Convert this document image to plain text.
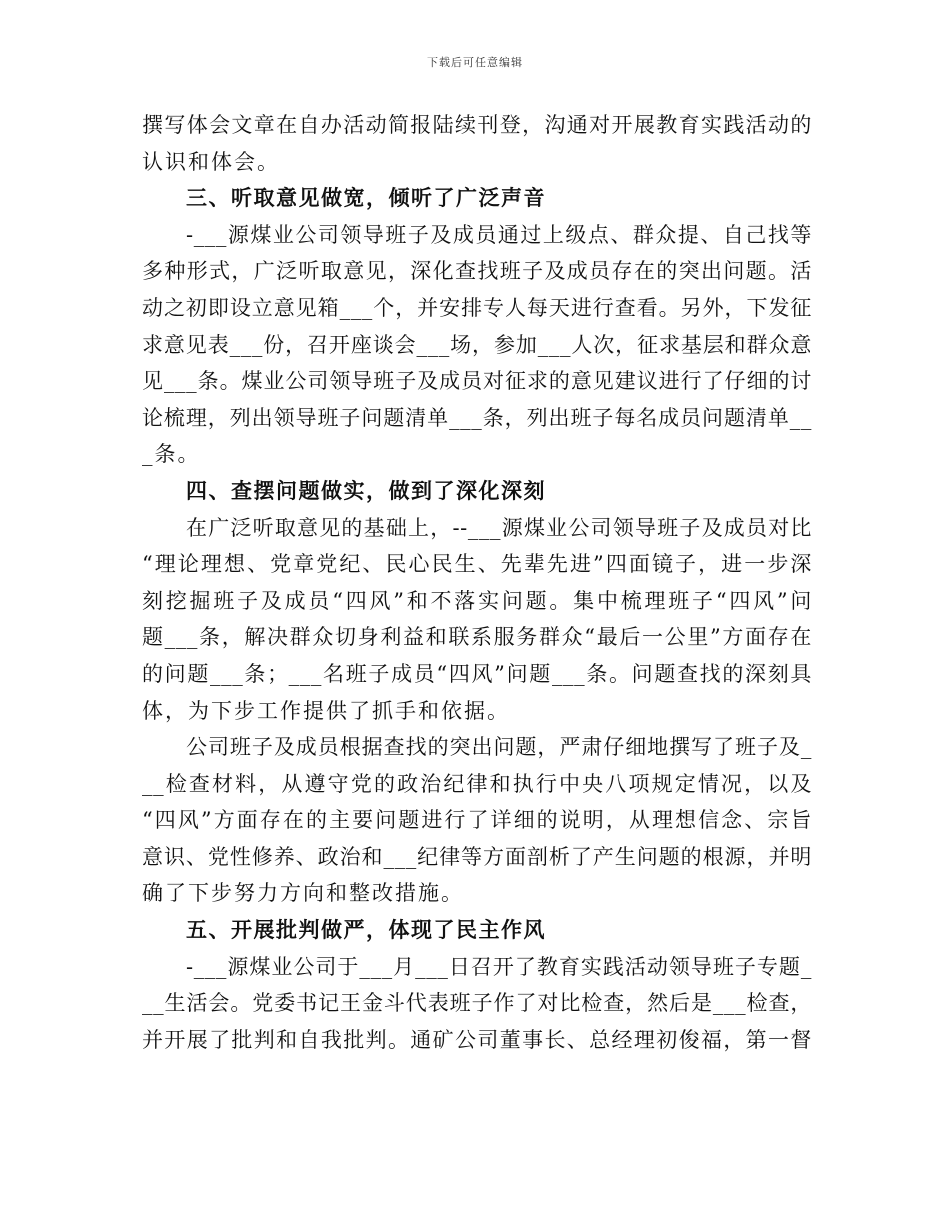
下载后可任意编辑
撰写体会文章在自办活动简报陆续刊登，沟通对开展教育实践活动的
认识和体会。
三、听取意见做宽，倾听了广泛声音
-___源煤业公司领导班子及成员通过上级点、群众提、自己找等
多种形式，广泛听取意见，深化查找班子及成员存在的突出问题。活
动之初即设立意见箱___个，并安排专人每天进行查看。另外，下发征
求意见表___份，召开座谈会___场，参加___人次，征求基层和群众意
见___条。煤业公司领导班子及成员对征求的意见建议进行了仔细的讨
论梳理，列出领导班子问题清单___条，列出班子每名成员问题清单__
_条。
四、查摆问题做实，做到了深化深刻
在广泛听取意见的基础上，--___源煤业公司领导班子及成员对比
“理论理想、党章党纪、民心民生、先辈先进”四面镜子，进一步深
刻挖掘班子及成员“四风”和不落实问题。集中梳理班子“四风”问
题___条，解决群众切身利益和联系服务群众“最后一公里”方面存在
的问题___条；___名班子成员“四风”问题___条。问题查找的深刻具
体，为下步工作提供了抓手和依据。
公司班子及成员根据查找的突出问题，严肃仔细地撰写了班子及_
__检查材料，从遵守党的政治纪律和执行中央八项规定情况，以及
“四风”方面存在的主要问题进行了详细的说明，从理想信念、宗旨
意识、党性修养、政治和___纪律等方面剖析了产生问题的根源，并明
确了下步努力方向和整改措施。
五、开展批判做严，体现了民主作风
-___源煤业公司于___月___日召开了教育实践活动领导班子专题_
__生活会。党委书记王金斗代表班子作了对比检查，然后是___检查，
并开展了批判和自我批判。通矿公司董事长、总经理初俊福，第一督
